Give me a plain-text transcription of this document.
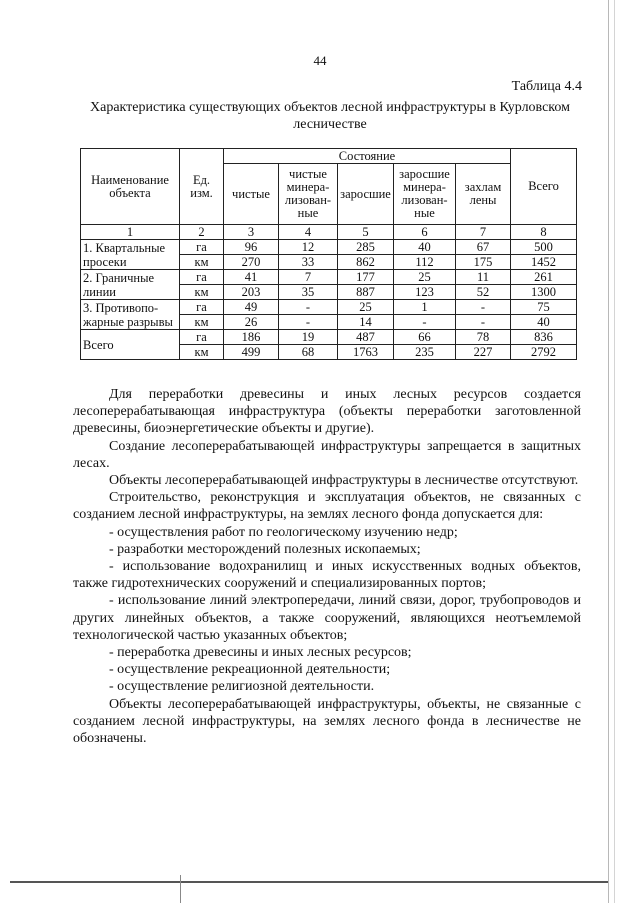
44
Таблица 4.4
Характеристика существующих объектов лесной инфраструктуры в Курловском лесничестве
Наименование объекта	Ед. изм.	Состояние					Всего
		чистые	чистые минера-лизован-ные	заросшие	заросшие минера-лизован-ные	захлам лены	
1	2	3	4	5	6	7	8
1. Квартальные просеки	га	96	12	285	40	67	500
	км	270	33	862	112	175	1452
2. Граничные линии	га	41	7	177	25	11	261
	км	203	35	887	123	52	1300
3. Противопо-жарные разрывы	га	49	-	25	1	-	75
	км	26	-	14	-	-	40
Всего	га	186	19	487	66	78	836
	км	499	68	1763	235	227	2792

Для переработки древесины и иных лесных ресурсов создается лесоперерабатывающая инфраструктура (объекты переработки заготовленной древесины, биоэнергетические объекты и другие).

Создание лесоперерабатывающей инфраструктуры запрещается в защитных лесах.

Объекты лесоперерабатывающей инфраструктуры в лесничестве отсутствуют.

Строительство, реконструкция и эксплуатация объектов, не связанных с созданием лесной инфраструктуры, на землях лесного фонда допускается для:

- осуществления работ по геологическому изучению недр;

- разработки месторождений полезных ископаемых;

- использование водохранилищ и иных искусственных водных объектов, также гидротехнических сооружений и специализированных портов;

- использование линий электропередачи, линий связи, дорог, трубопроводов и других линейных объектов, а также сооружений, являющихся неотъемлемой технологической частью указанных объектов;

- переработка древесины и иных лесных ресурсов;

- осуществление рекреационной деятельности;

- осуществление религиозной деятельности.

Объекты лесоперерабатывающей инфраструктуры, объекты, не связанные с созданием лесной инфраструктуры, на землях лесного фонда в лесничестве не обозначены.
